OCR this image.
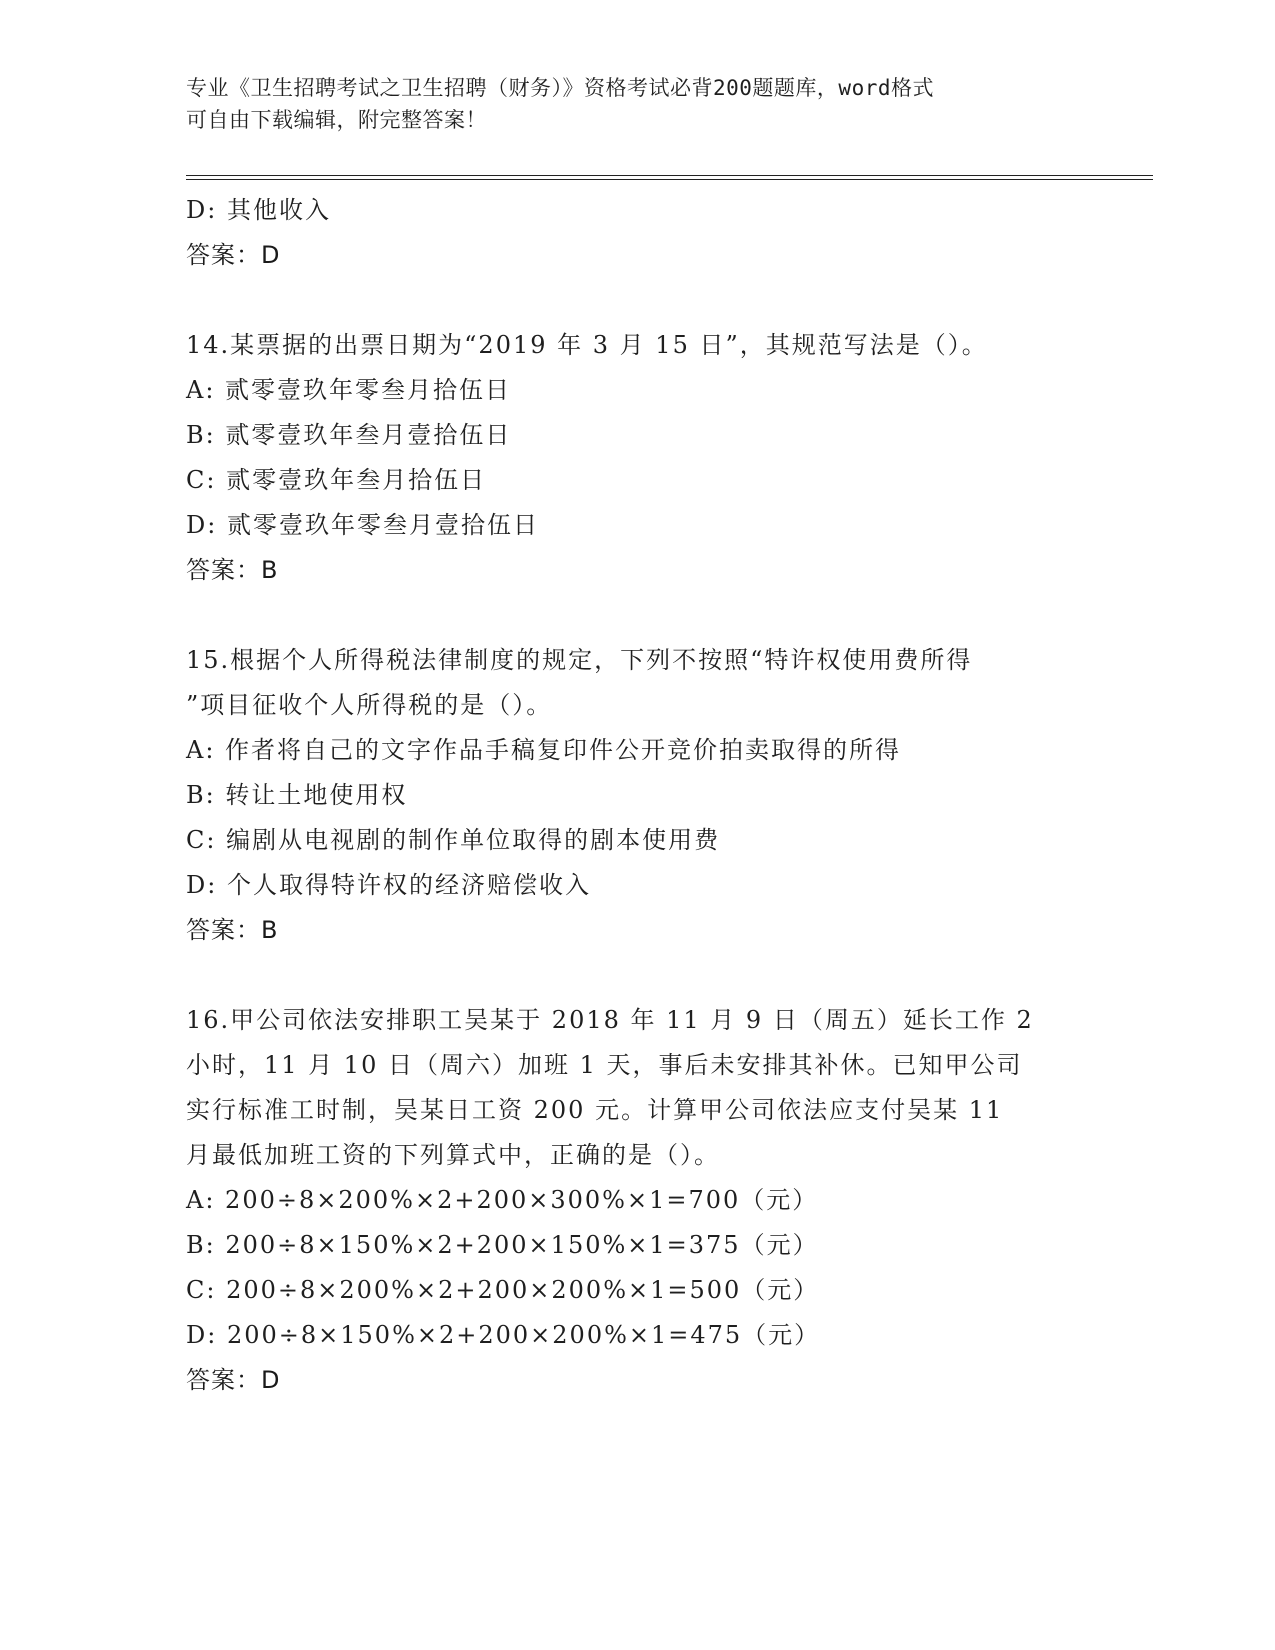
专业《卫生招聘考试之卫生招聘（财务）》资格考试必背200题题库，word格式
可自由下载编辑，附完整答案！
D: 其他收入
答案：D
14.某票据的出票日期为“2019 年 3 月 15 日”，其规范写法是（）。
A: 贰零壹玖年零叁月拾伍日
B: 贰零壹玖年叁月壹拾伍日
C: 贰零壹玖年叁月拾伍日
D: 贰零壹玖年零叁月壹拾伍日
答案：B
15.根据个人所得税法律制度的规定，下列不按照“特许权使用费所得
”项目征收个人所得税的是（）。
A: 作者将自己的文字作品手稿复印件公开竞价拍卖取得的所得
B: 转让土地使用权
C: 编剧从电视剧的制作单位取得的剧本使用费
D: 个人取得特许权的经济赔偿收入
答案：B
16.甲公司依法安排职工吴某于 2018 年 11 月 9 日（周五）延长工作 2
小时，11 月 10 日（周六）加班 1 天，事后未安排其补休。已知甲公司
实行标准工时制，吴某日工资 200 元。计算甲公司依法应支付吴某 11
月最低加班工资的下列算式中，正确的是（）。
A: 200÷8×200%×2+200×300%×1=700（元）
B: 200÷8×150%×2+200×150%×1=375（元）
C: 200÷8×200%×2+200×200%×1=500（元）
D: 200÷8×150%×2+200×200%×1=475（元）
答案：D
